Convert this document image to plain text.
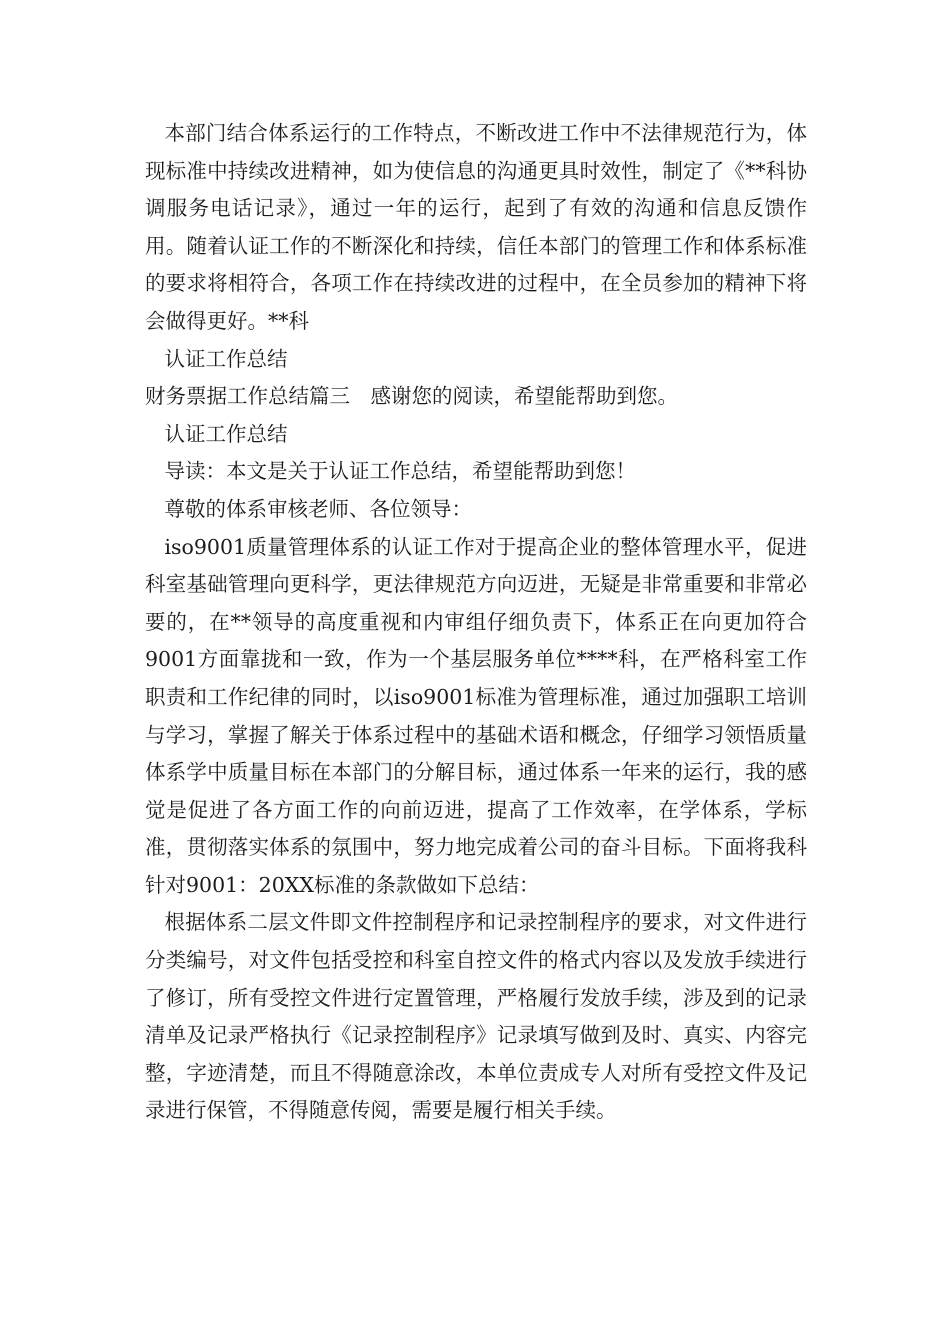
本部门结合体系运行的工作特点，不断改进工作中不法律规范行为，体现标准中持续改进精神，如为使信息的沟通更具时效性，制定了《**科协调服务电话记录》，通过一年的运行，起到了有效的沟通和信息反馈作用。随着认证工作的不断深化和持续，信任本部门的管理工作和体系标准的要求将相符合，各项工作在持续改进的过程中，在全员参加的精神下将会做得更好。**科

认证工作总结

财务票据工作总结篇三　感谢您的阅读，希望能帮助到您。

认证工作总结

导读：本文是关于认证工作总结，希望能帮助到您！

尊敬的体系审核老师、各位领导：

iso9001质量管理体系的认证工作对于提高企业的整体管理水平，促进科室基础管理向更科学，更法律规范方向迈进，无疑是非常重要和非常必要的，在**领导的高度重视和内审组仔细负责下，体系正在向更加符合9001方面靠拢和一致，作为一个基层服务单位****科，在严格科室工作职责和工作纪律的同时，以iso9001标准为管理标准，通过加强职工培训与学习，掌握了解关于体系过程中的基础术语和概念，仔细学习领悟质量体系学中质量目标在本部门的分解目标，通过体系一年来的运行，我的感觉是促进了各方面工作的向前迈进，提高了工作效率，在学体系，学标准，贯彻落实体系的氛围中，努力地完成着公司的奋斗目标。下面将我科针对9001：20XX标准的条款做如下总结：

根据体系二层文件即文件控制程序和记录控制程序的要求，对文件进行分类编号，对文件包括受控和科室自控文件的格式内容以及发放手续进行了修订，所有受控文件进行定置管理，严格履行发放手续，涉及到的记录清单及记录严格执行《记录控制程序》记录填写做到及时、真实、内容完整，字迹清楚，而且不得随意涂改，本单位责成专人对所有受控文件及记录进行保管，不得随意传阅，需要是履行相关手续。
